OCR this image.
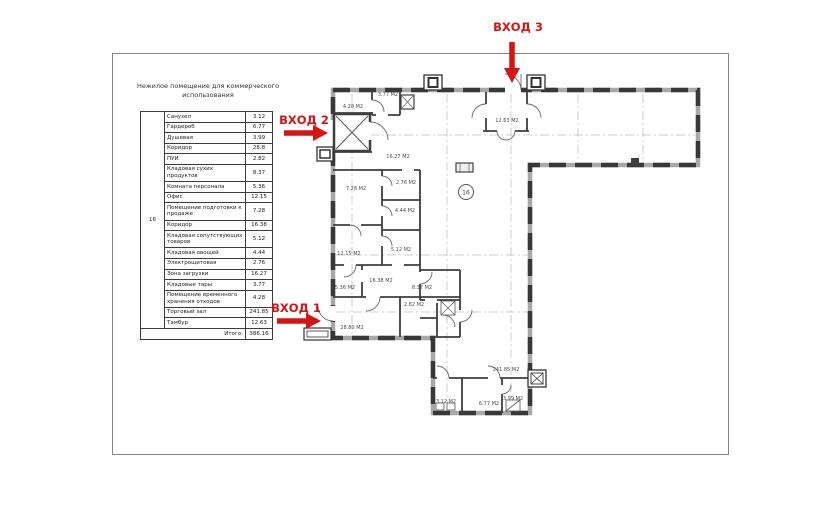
Нежилое помещение для коммерческого использования
16	Санузел	3.12
	Гардероб	6.77
	Душевая	3.99
	Коридор	28.8
	ПУИ	2.82
	Кладовая сухих продуктов	8.37
	Комната персонала	5.36
	Офис	12.15
	Помещение подготовки к продаже	7.28
	Коридор	16.38
	Кладовая сопутствующих товаров	5.12
	Кладовая овощей	4.44
	Электрощитовая	2.76
	Зона загрузки	16.27
	Кладовые тары	3.77
	Помещение временного хранения отходов	4.28
	Торговый зал	241.85
	Тамбур	12.63
Итого:		386.16
16
4.28 М2
3.77 М2
12.63 М2
16.27 М2
7.28 М2
2.76 М2
4.44 М2
12.15 М2
5.12 М2
16.38 М2
5.36 М2	8.37 М2
2.82 М2
28.80 М2
241.85 М2
3.12 М2	6.77 М2
3.99 М2
ВХОД 1
ВХОД 2
ВХОД 3
